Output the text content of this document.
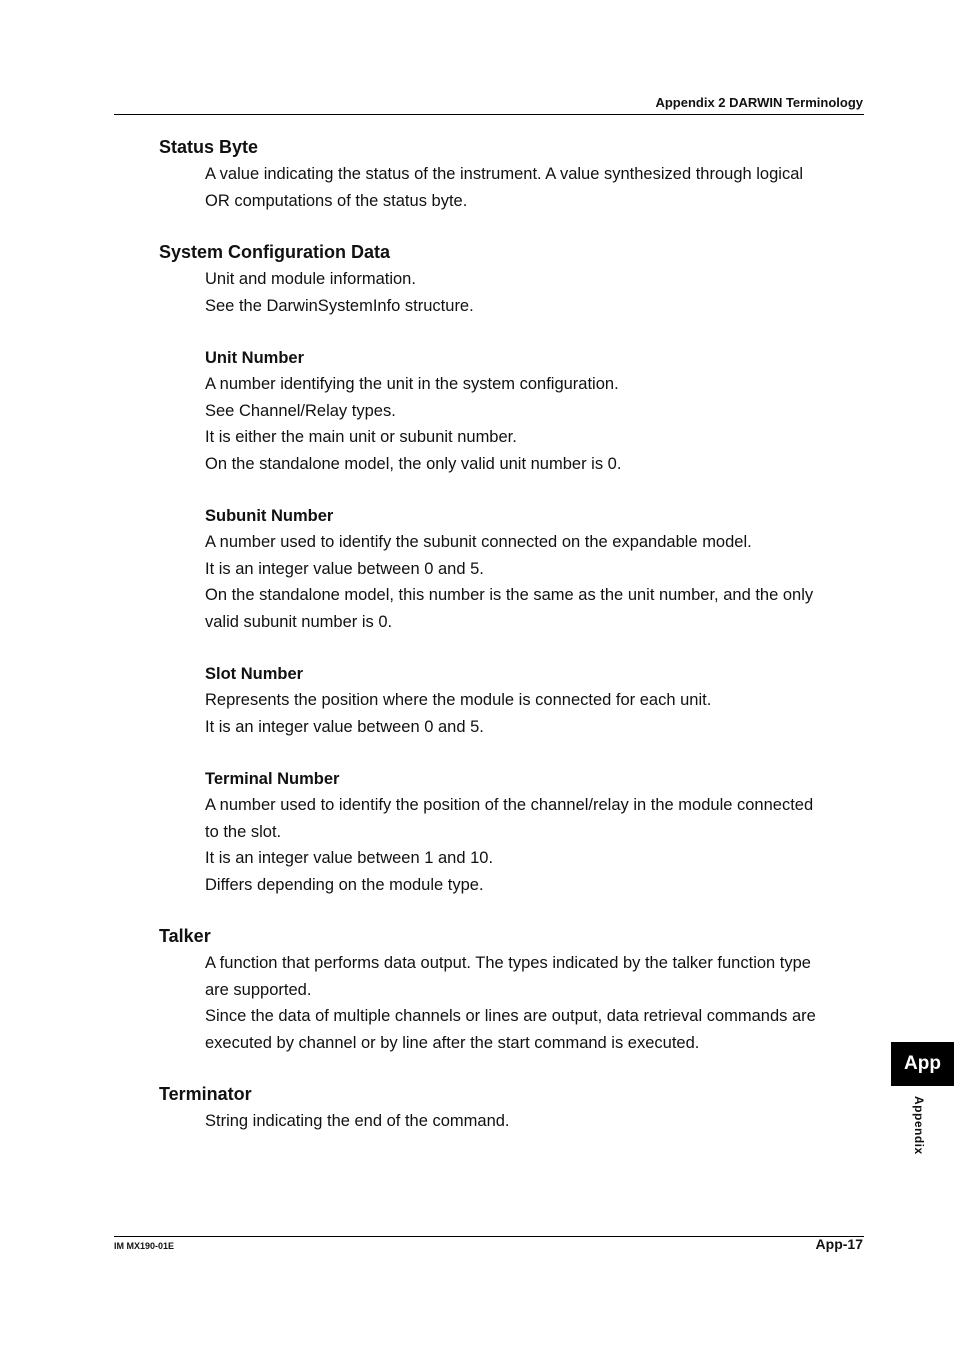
Appendix 2 DARWIN Terminology
Status Byte

A value indicating the status of the instrument. A value synthesized through logical

OR computations of the status byte.

System Configuration Data

Unit and module information.

See the DarwinSystemInfo structure.

Unit Number

A number identifying the unit in the system configuration.

See Channel/Relay types.

It is either the main unit or subunit number.

On the standalone model, the only valid unit number is 0.

Subunit Number

A number used to identify the subunit connected on the expandable model.

It is an integer value between 0 and 5.

On the standalone model, this number is the same as the unit number, and the only

valid subunit number is 0.

Slot Number

Represents the position where the module is connected for each unit.

It is an integer value between 0 and 5.

Terminal Number

A number used to identify the position of the channel/relay in the module connected

to the slot.

It is an integer value between 1 and 10.

Differs depending on the module type.

Talker

A function that performs data output. The types indicated by the talker function type

are supported.

Since the data of multiple channels or lines are output, data retrieval commands are

executed by channel or by line after the start command is executed.

Terminator

String indicating the end of the command.

App
Appendix
IM MX190-01E	App-17
